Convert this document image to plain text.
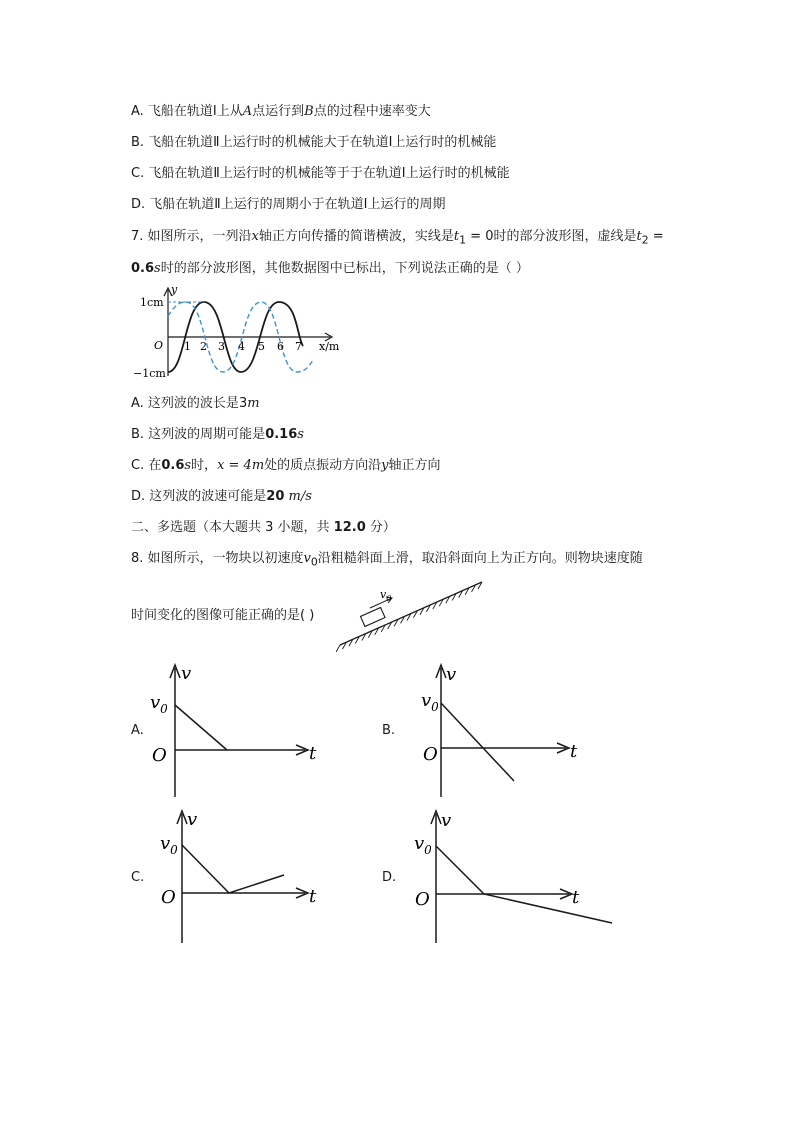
A. 飞船在轨道Ⅰ上从A点运行到B点的过程中速率变大
B. 飞船在轨道Ⅱ上运行时的机械能大于在轨道Ⅰ上运行时的机械能
C. 飞船在轨道Ⅱ上运行时的机械能等于于在轨道Ⅰ上运行时的机械能
D. 飞船在轨道Ⅱ上运行的周期小于在轨道Ⅰ上运行的周期
7. 如图所示，一列沿x轴正方向传播的简谐横波，实线是$t_1 = 0$时的部分波形图，虚线是$t_2$ =
0.6s时的部分波形图，其他数据图中已标出，下列说法正确的是（ ）
y
1cm
−1cm
O	x/m
1 2 3 4 5 6 7
A. 这列波的波长是3m
B. 这列波的周期可能是0.16s
C. 在0.6s时，x = 4m处的质点振动方向沿y轴正方向
D. 这列波的波速可能是20 m/s
二、多选题（本大题共 3 小题，共 12.0 分）
8. 如图所示，一物块以初速度$v_0$沿粗糙斜面上滑，取沿斜面向上为正方向。则物块速度随
时间变化的图像可能正确的是( )
$v_0$
A.	B.
C.	D.
v
$v_0$
O	t
v
$v_0$
O	t
v
$v_0$
O	t
v
$v_0$
O	t
